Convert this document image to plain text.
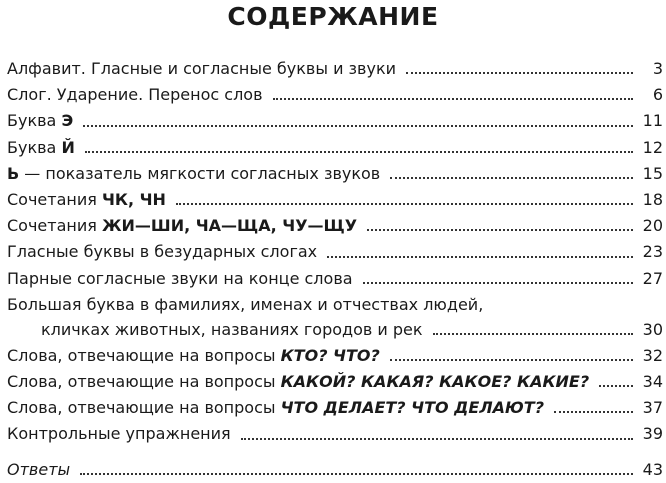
СОДЕРЖАНИЕ
Алфавит. Гласные и согласные буквы и звуки	3
Слог. Ударение. Перенос слов	6
Буква Э	11
Буква Й	12
Ь — показатель мягкости согласных звуков	15
Сочетания ЧК, ЧН	18
Сочетания ЖИ—ШИ, ЧА—ЩА, ЧУ—ЩУ	20
Гласные буквы в безударных слогах	23
Парные согласные звуки на конце слова	27
Большая буква в фамилиях, именах и отчествах людей,
кличках животных, названиях городов и рек	30
Слова, отвечающие на вопросы КТО? ЧТО?	32
Слова, отвечающие на вопросы КАКОЙ? КАКАЯ? КАКОЕ? КАКИЕ?	34
Слова, отвечающие на вопросы ЧТО ДЕЛАЕТ? ЧТО ДЕЛАЮТ?	37
Контрольные упражнения	39
Ответы	43
